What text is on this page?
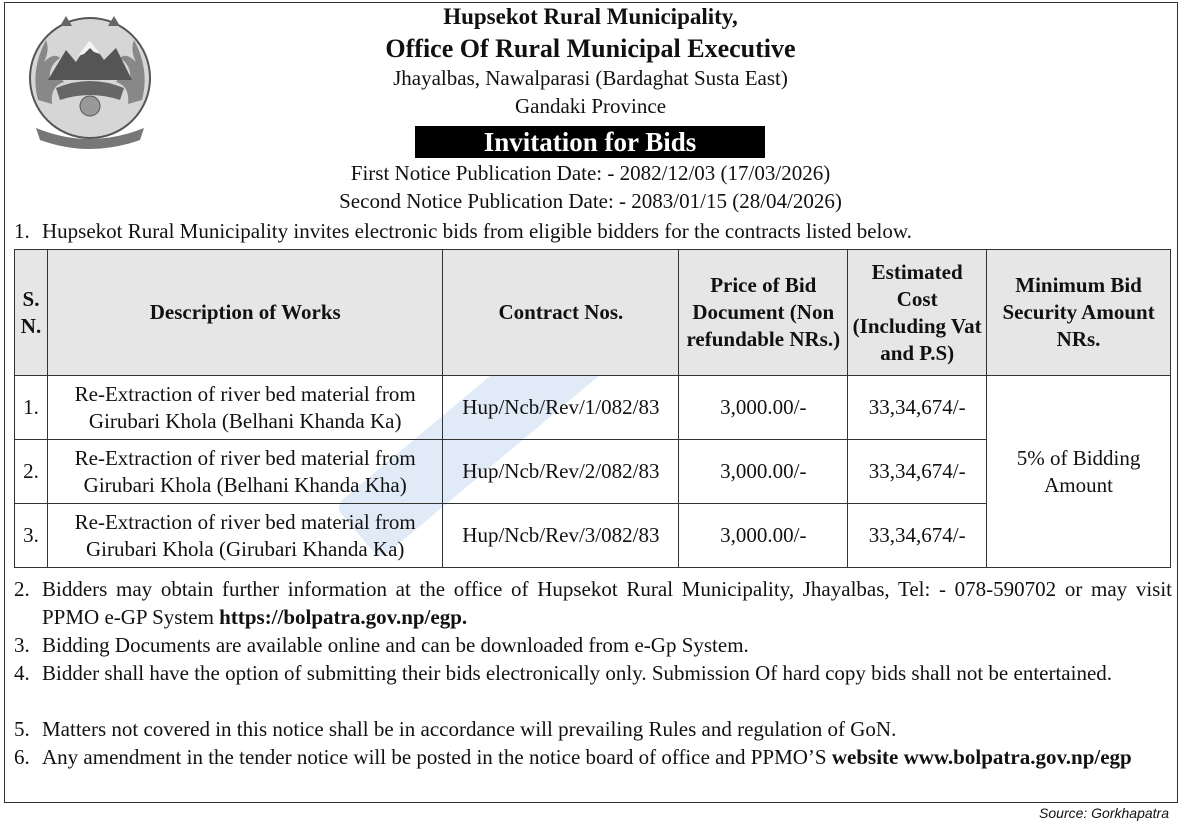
Hupsekot Rural Municipality,
Office Of Rural Municipal Executive
Jhayalbas, Nawalparasi (Bardaghat Susta East)
Gandaki Province
Invitation for Bids
First Notice Publication Date: - 2082/12/03 (17/03/2026)
Second Notice Publication Date: - 2083/01/15 (28/04/2026)
1. Hupsekot Rural Municipality invites electronic bids from eligible bidders for the contracts listed below.
S. N.	Description of Works	Contract Nos.	Price of Bid Document (Non refundable NRs.)	Estimated Cost (Including Vat and P.S)	Minimum Bid Security Amount NRs.
1.	Re-Extraction of river bed material from Girubari Khola (Belhani Khanda Ka)	Hup/Ncb/Rev/1/082/83	3,000.00/-	33,34,674/-	5% of Bidding Amount
2.	Re-Extraction of river bed material from Girubari Khola (Belhani Khanda Kha)	Hup/Ncb/Rev/2/082/83	3,000.00/-	33,34,674/-	
3.	Re-Extraction of river bed material from Girubari Khola (Girubari Khanda Ka)	Hup/Ncb/Rev/3/082/83	3,000.00/-	33,34,674/-	
2. Bidders may obtain further information at the office of Hupsekot Rural Municipality, Jhayalbas, Tel: - 078-590702 or may visit PPMO e-GP System https://bolpatra.gov.np/egp.
3. Bidding Documents are available online and can be downloaded from e-Gp System.
4. Bidder shall have the option of submitting their bids electronically only. Submission Of hard copy bids shall not be entertained.
5. Matters not covered in this notice shall be in accordance will prevailing Rules and regulation of GoN.
6. Any amendment in the tender notice will be posted in the notice board of office and PPMO’S website www.bolpatra.gov.np/egp
Source: Gorkhapatra
